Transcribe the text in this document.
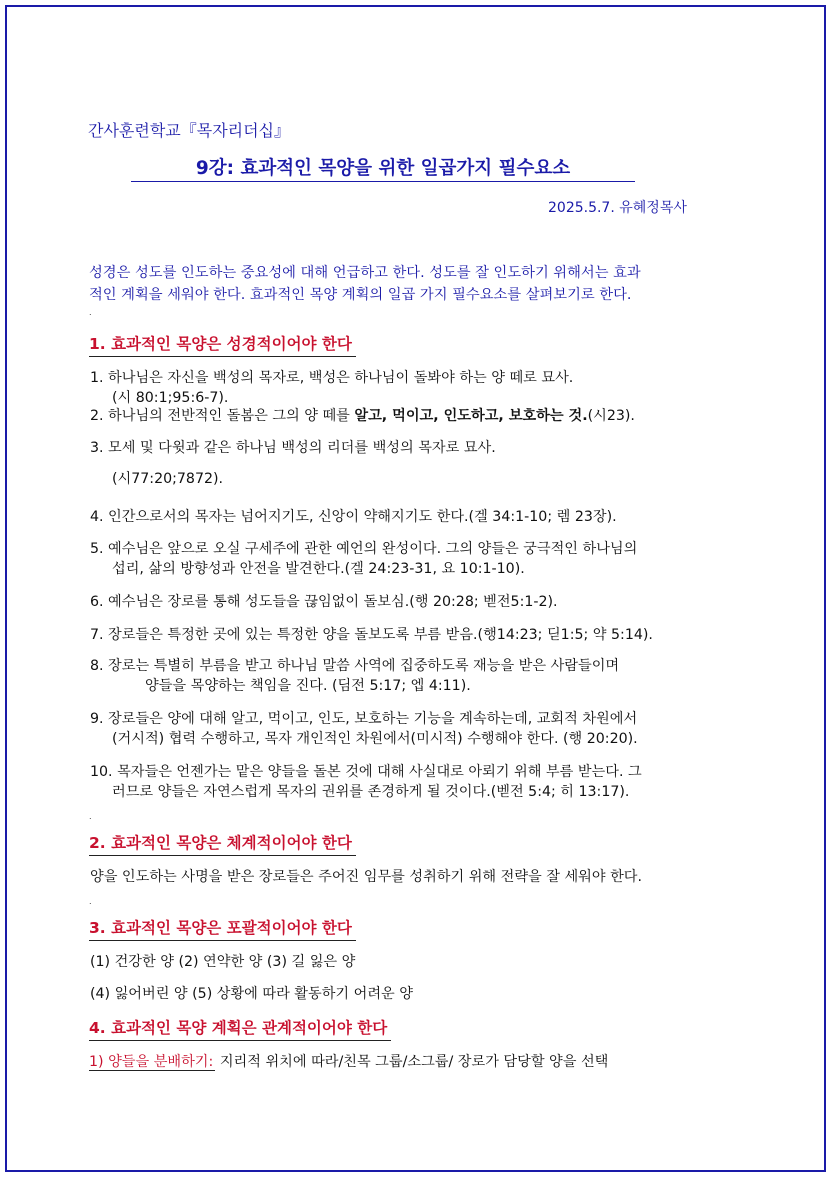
간사훈련학교『목자리더십』
9강: 효과적인 목양을 위한 일곱가지 필수요소
2025.5.7. 유혜정목사
성경은 성도를 인도하는 중요성에 대해 언급하고 한다. 성도를 잘 인도하기 위해서는 효과
적인 계획을 세워야 한다. 효과적인 목양 계획의 일곱 가지 필수요소를 살펴보기로 한다.
.
1. 효과적인 목양은 성경적이어야 한다
1. 하나님은 자신을 백성의 목자로, 백성은 하나님이 돌봐야 하는 양 떼로 묘사.
(시 80:1;95:6-7).
2. 하나님의 전반적인 돌봄은 그의 양 떼를 알고, 먹이고, 인도하고, 보호하는 것.(시23).
3. 모세 및 다윗과 같은 하나님 백성의 리더를 백성의 목자로 묘사.
(시77:20;7872).
4. 인간으로서의 목자는 넘어지기도, 신앙이 약해지기도 한다.(겔 34:1-10; 렘 23장).
5. 예수님은 앞으로 오실 구세주에 관한 예언의 완성이다. 그의 양들은 궁극적인 하나님의
섭리, 삶의 방향성과 안전을 발견한다.(겔 24:23-31, 요 10:1-10).
6. 예수님은 장로를 통해 성도들을 끊임없이 돌보심.(행 20:28; 벧전5:1-2).
7. 장로들은 특정한 곳에 있는 특정한 양을 돌보도록 부름 받음.(행14:23; 딛1:5; 약 5:14).
8. 장로는 특별히 부름을 받고 하나님 말씀 사역에 집중하도록 재능을 받은 사람들이며
양들을 목양하는 책임을 진다. (딤전 5:17; 엡 4:11).
9. 장로들은 양에 대해 알고, 먹이고, 인도, 보호하는 기능을 계속하는데, 교회적 차원에서
(거시적) 협력 수행하고, 목자 개인적인 차원에서(미시적) 수행해야 한다. (행 20:20).
10. 목자들은 언젠가는 맡은 양들을 돌본 것에 대해 사실대로 아뢰기 위해 부름 받는다. 그
러므로 양들은 자연스럽게 목자의 권위를 존경하게 될 것이다.(벧전 5:4; 히 13:17).
.
2. 효과적인 목양은 체계적이어야 한다
양을 인도하는 사명을 받은 장로들은 주어진 임무를 성취하기 위해 전략을 잘 세워야 한다.
.
3. 효과적인 목양은 포괄적이어야 한다
(1) 건강한 양 (2) 연약한 양 (3) 길 잃은 양
(4) 잃어버린 양 (5) 상황에 따라 활동하기 어려운 양
4. 효과적인 목양 계획은 관계적이어야 한다
1) 양들을 분배하기: 지리적 위치에 따라/친목 그룹/소그룹/ 장로가 담당할 양을 선택
